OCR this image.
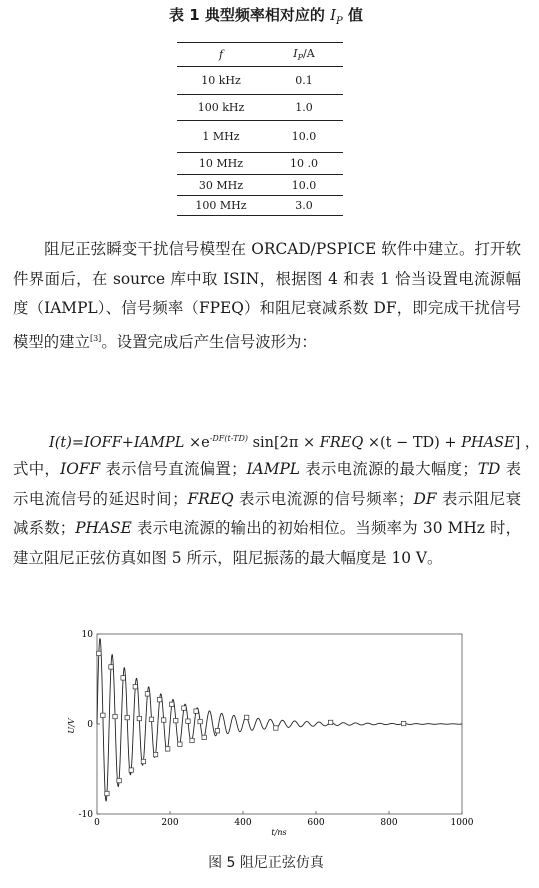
表 1 典型频率相对应的 $I_P$ 值
f	$I_P/A$
10 kHz	0.1
100 kHz	1.0
1 MHz	10.0
10 MHz	10 .0
30 MHz	10.0
100 MHz	3.0

阻尼正弦瞬变干扰信号模型在 ORCAD/PSPICE 软件中建立。打开软件界面后，在 source 库中取 ISIN，根据图 4 和表 1 恰当设置电流源幅度（IAMPL）、信号频率（FPEQ）和阻尼衰减系数 DF，即完成干扰信号模型的建立[3]。设置完成后产生信号波形为：

I(t)=IOFF+IAMPL $\times e^{-DF(t-TD)}$ sin[2π × FREQ ×(t − TD) + PHASE] ，

式中，IOFF 表示信号直流偏置；IAMPL 表示电流源的最大幅度；TD 表示电流信号的延迟时间；FREQ 表示电流源的信号频率；DF 表示阻尼衰减系数；PHASE 表示电流源的输出的初始相位。当频率为 30 MHz 时，建立阻尼正弦仿真如图 5 所示，阻尼振荡的最大幅度是 10 V。

0	200	400	600	800	1000
10
0
-10
U/V
t/ns
图 5 阻尼正弦仿真
